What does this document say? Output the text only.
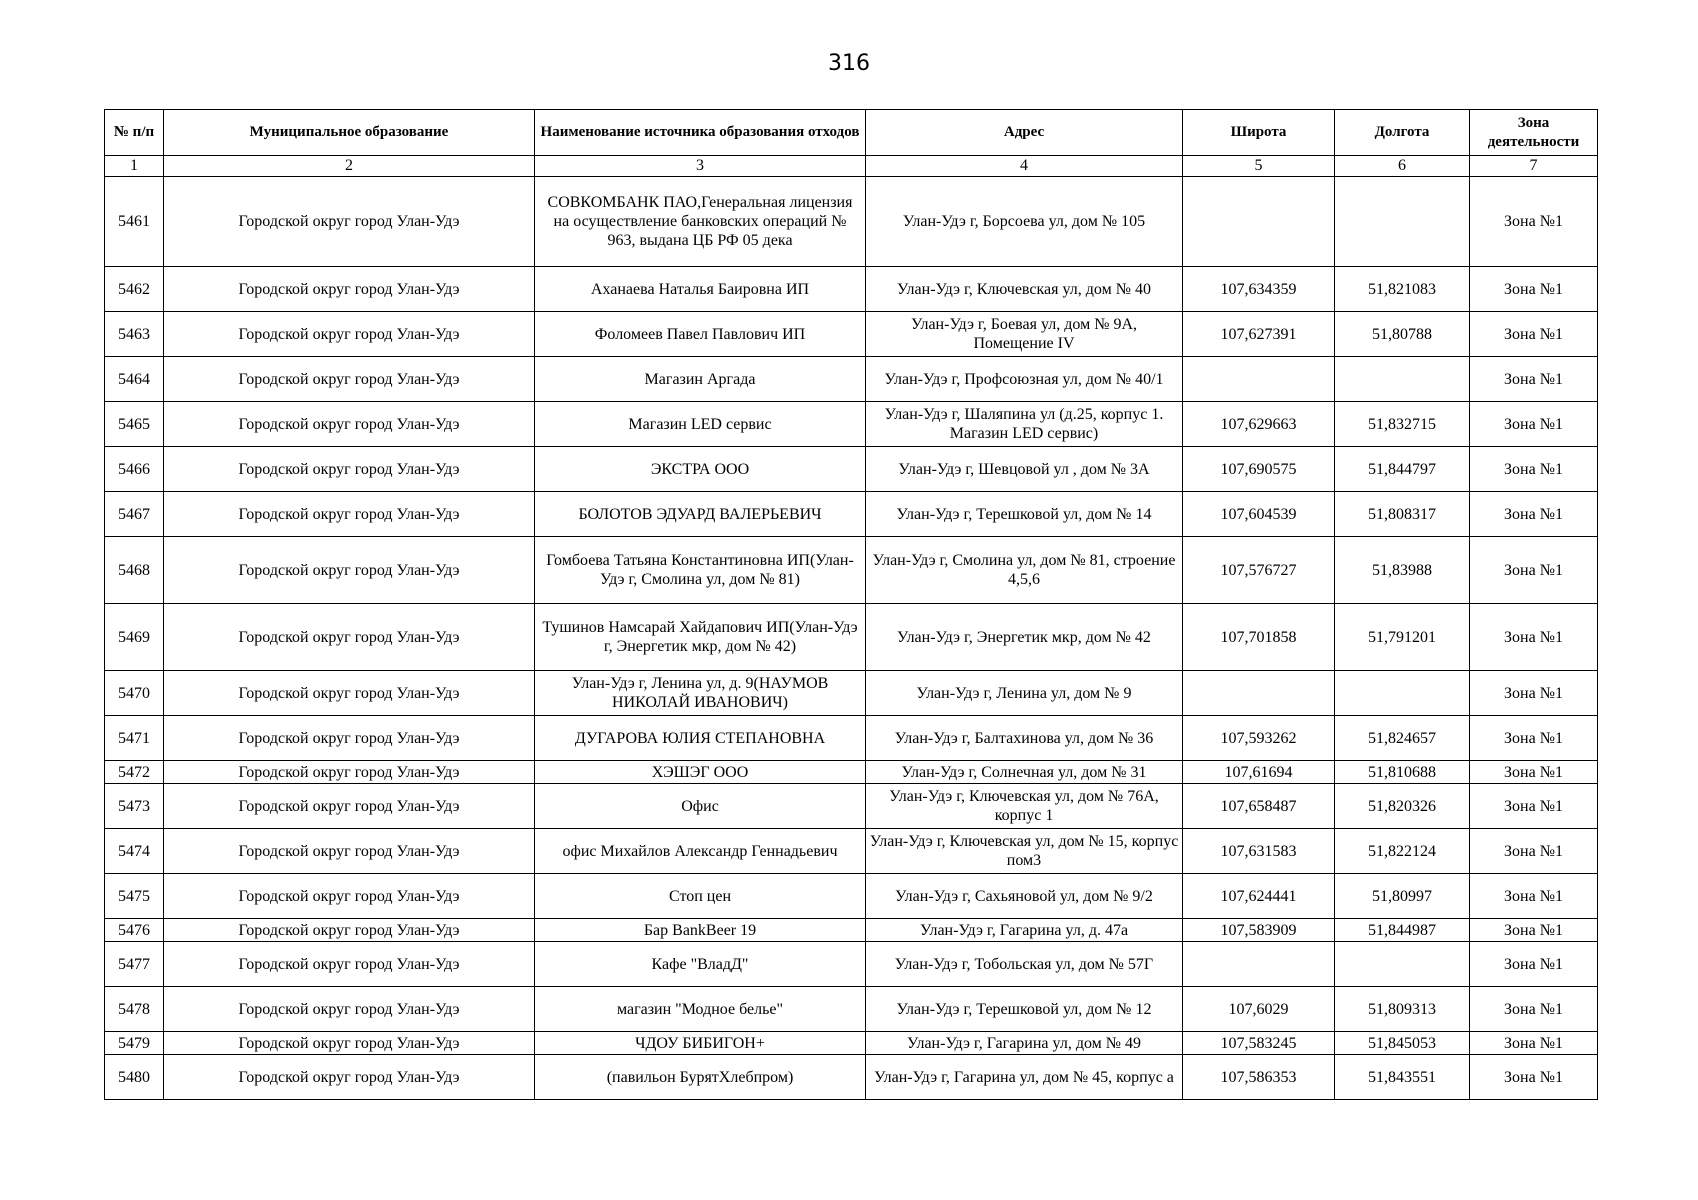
316
№ п/п	Муниципальное образование	Наименование источника образования отходов	Адрес	Широта	Долгота	Зона деятельности
1	2	3	4	5	6	7
5461	Городской округ город Улан-Удэ	СОВКОМБАНК ПАО,Генеральная лицензия на осуществление банковских операций № 963, выдана ЦБ РФ 05 дека	Улан-Удэ г, Борсоева ул, дом № 105			Зона №1
5462	Городской округ город Улан-Удэ	Аханаева Наталья Баировна ИП	Улан-Удэ г, Ключевская ул, дом № 40	107,634359	51,821083	Зона №1
5463	Городской округ город Улан-Удэ	Фоломеев Павел Павлович ИП	Улан-Удэ г, Боевая ул, дом № 9А, Помещение IV	107,627391	51,80788	Зона №1
5464	Городской округ город Улан-Удэ	Магазин Аргада	Улан-Удэ г, Профсоюзная ул, дом № 40/1			Зона №1
5465	Городской округ город Улан-Удэ	Магазин LED сервис	Улан-Удэ г, Шаляпина ул (д.25, корпус 1. Магазин LED сервис)	107,629663	51,832715	Зона №1
5466	Городской округ город Улан-Удэ	ЭКСТРА ООО	Улан-Удэ г, Шевцовой ул , дом № 3А	107,690575	51,844797	Зона №1
5467	Городской округ город Улан-Удэ	БОЛОТОВ ЭДУАРД ВАЛЕРЬЕВИЧ	Улан-Удэ г, Терешковой ул, дом № 14	107,604539	51,808317	Зона №1
5468	Городской округ город Улан-Удэ	Гомбоева Татьяна Константиновна ИП(Улан-Удэ г, Смолина ул, дом № 81)	Улан-Удэ г, Смолина ул, дом № 81, строение 4,5,6	107,576727	51,83988	Зона №1
5469	Городской округ город Улан-Удэ	Тушинов Намсарай Хайдапович ИП(Улан-Удэ г, Энергетик мкр, дом № 42)	Улан-Удэ г, Энергетик мкр, дом № 42	107,701858	51,791201	Зона №1
5470	Городской округ город Улан-Удэ	Улан-Удэ г, Ленина ул, д. 9(НАУМОВ НИКОЛАЙ ИВАНОВИЧ)	Улан-Удэ г, Ленина ул, дом № 9			Зона №1
5471	Городской округ город Улан-Удэ	ДУГАРОВА ЮЛИЯ СТЕПАНОВНА	Улан-Удэ г, Балтахинова ул, дом № 36	107,593262	51,824657	Зона №1
5472	Городской округ город Улан-Удэ	ХЭШЭГ ООО	Улан-Удэ г, Солнечная ул, дом № 31	107,61694	51,810688	Зона №1
5473	Городской округ город Улан-Удэ	Офис	Улан-Удэ г, Ключевская ул, дом № 76А, корпус 1	107,658487	51,820326	Зона №1
5474	Городской округ город Улан-Удэ	офис Михайлов Александр Геннадьевич	Улан-Удэ г, Ключевская ул, дом № 15, корпус пом3	107,631583	51,822124	Зона №1
5475	Городской округ город Улан-Удэ	Стоп цен	Улан-Удэ г, Сахьяновой ул, дом № 9/2	107,624441	51,80997	Зона №1
5476	Городской округ город Улан-Удэ	Бар BankBeer 19	Улан-Удэ г, Гагарина ул, д. 47а	107,583909	51,844987	Зона №1
5477	Городской округ город Улан-Удэ	Кафе "ВладД"	Улан-Удэ г, Тобольская ул, дом № 57Г			Зона №1
5478	Городской округ город Улан-Удэ	магазин "Модное белье"	Улан-Удэ г, Терешковой ул, дом № 12	107,6029	51,809313	Зона №1
5479	Городской округ город Улан-Удэ	ЧДОУ БИБИГОН+	Улан-Удэ г, Гагарина ул, дом № 49	107,583245	51,845053	Зона №1
5480	Городской округ город Улан-Удэ	(павильон БурятХлебпром)	Улан-Удэ г, Гагарина ул, дом № 45, корпус а	107,586353	51,843551	Зона №1
